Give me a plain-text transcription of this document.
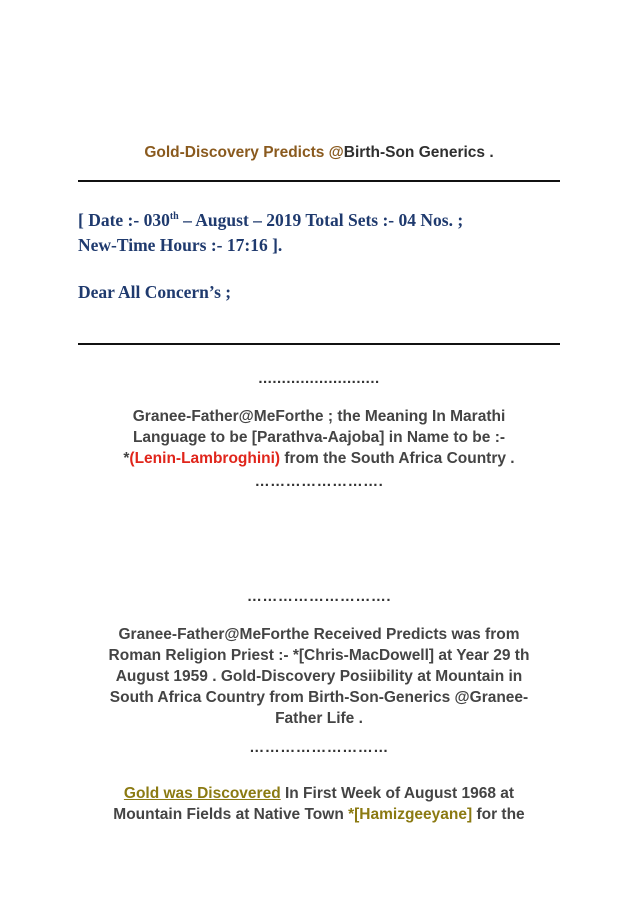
Gold-Discovery Predicts @Birth-Son Generics .
[ Date :- 030th – August – 2019 Total Sets :- 04 Nos. ;
New-Time Hours :- 17:16 ].
Dear All Concern’s ;
..........................
Granee-Father@MeForthe ; the Meaning In Marathi
Language to be [Parathva-Aajoba] in Name to be :-
*(Lenin-Lambroghini) from the South Africa Country .
…………………….
……………………….
Granee-Father@MeForthe Received Predicts was from
Roman Religion Priest :- *[Chris-MacDowell] at Year 29 th
August 1959 . Gold-Discovery Posiibility at Mountain in
South Africa Country from Birth-Son-Generics @Granee-
Father Life .
………………………
Gold was Discovered In First Week of August 1968 at
Mountain Fields at Native Town *[Hamizgeeyane] for the
